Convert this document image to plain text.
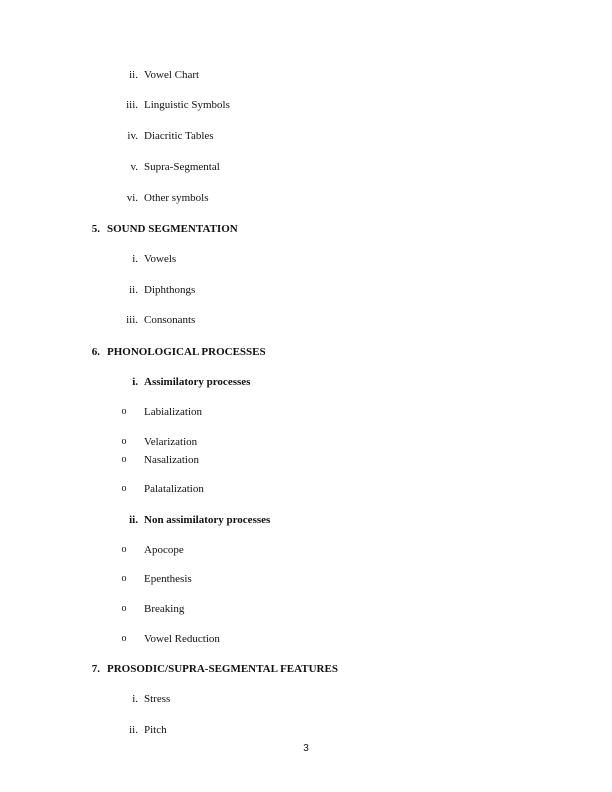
ii. Vowel Chart
iii. Linguistic Symbols
iv. Diacritic Tables
v. Supra-Segmental
vi. Other symbols
5. SOUND SEGMENTATION
i. Vowels
ii. Diphthongs
iii. Consonants
6. PHONOLOGICAL PROCESSES
i. Assimilatory processes
o	Labialization
o	Velarization
o	Nasalization
o	Palatalization
ii. Non assimilatory processes
o	Apocope
o	Epenthesis
o	Breaking
o	Vowel Reduction
7. PROSODIC/SUPRA-SEGMENTAL FEATURES
i. Stress
ii. Pitch
3
